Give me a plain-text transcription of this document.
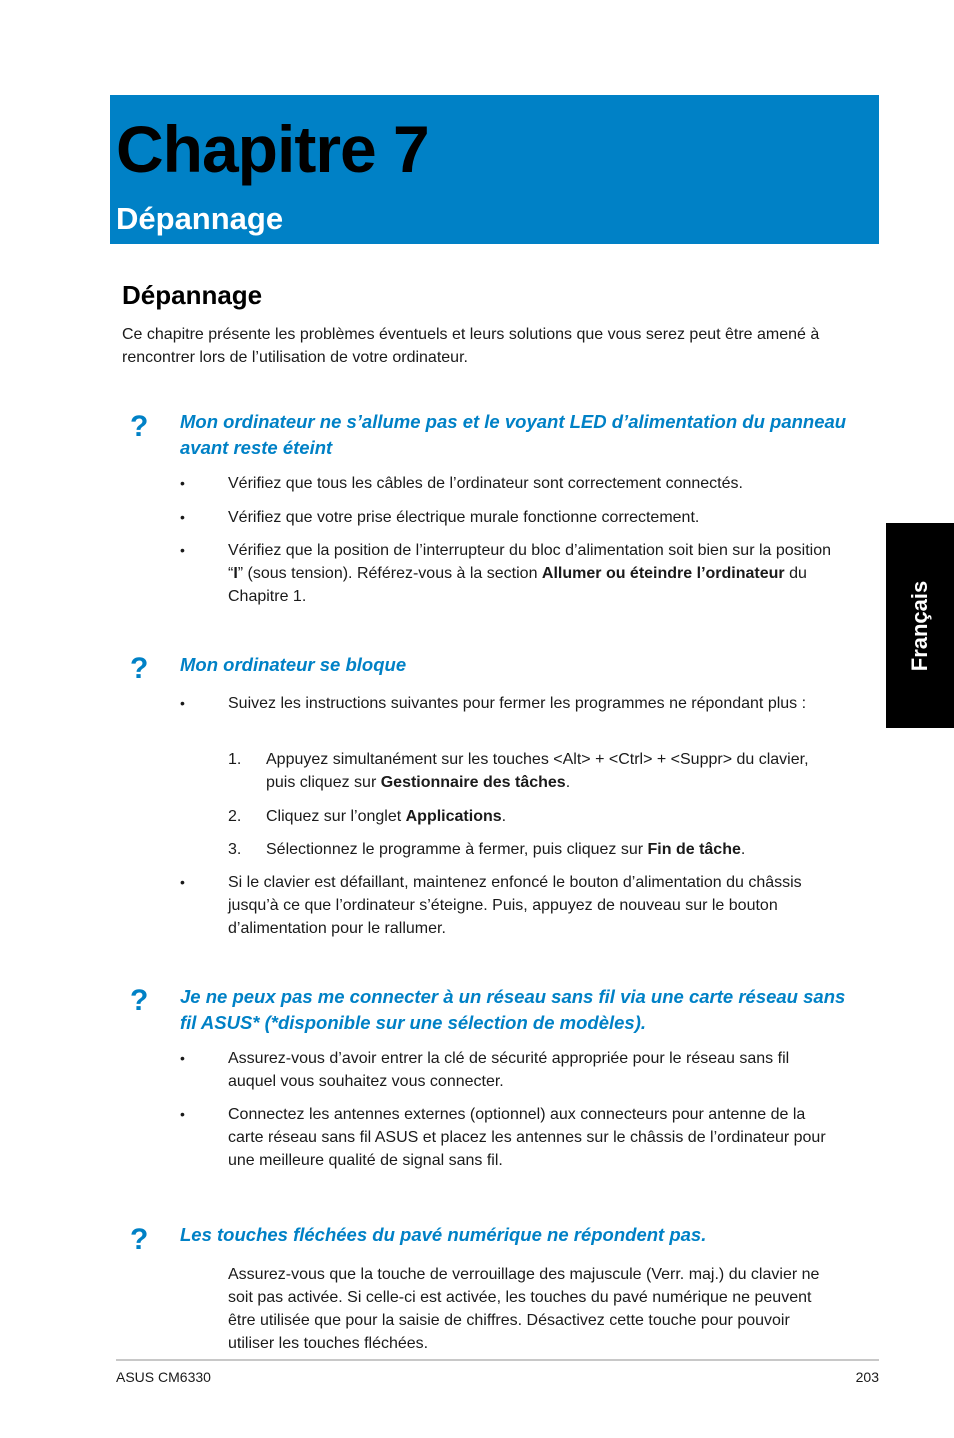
Chapitre 7
Dépannage
Dépannage

Ce chapitre présente les problèmes éventuels et leurs solutions que vous serez peut être amené à rencontrer lors de l’utilisation de votre ordinateur.

? Mon ordinateur ne s’allume pas et le voyant LED d’alimentation du panneau avant reste éteint

•	Vérifiez que tous les câbles de l’ordinateur sont correctement connectés.

•	Vérifiez que votre prise électrique murale fonctionne correctement.

•	Vérifiez que la position de l’interrupteur du bloc d’alimentation soit bien sur la position “I” (sous tension). Référez-vous à la section Allumer ou éteindre l’ordinateur du Chapitre 1.

? Mon ordinateur se bloque

•	Suivez les instructions suivantes pour fermer les programmes ne répondant plus :

1. Appuyez simultanément sur les touches <Alt> + <Ctrl> + <Suppr> du clavier, puis cliquez sur Gestionnaire des tâches.

2. Cliquez sur l’onglet Applications.

3. Sélectionnez le programme à fermer, puis cliquez sur Fin de tâche.

•	Si le clavier est défaillant, maintenez enfoncé le bouton d’alimentation du châssis jusqu’à ce que l’ordinateur s’éteigne. Puis, appuyez de nouveau sur le bouton d’alimentation pour le rallumer.

? Je ne peux pas me connecter à un réseau sans fil via une carte réseau sans fil ASUS* (*disponible sur une sélection de modèles).

•	Assurez-vous d’avoir entrer la clé de sécurité appropriée pour le réseau sans fil auquel vous souhaitez vous connecter.

•	Connectez les antennes externes (optionnel) aux connecteurs pour antenne de la carte réseau sans fil ASUS et placez les antennes sur le châssis de l’ordinateur pour une meilleure qualité de signal sans fil.

? Les touches fléchées du pavé numérique ne répondent pas.

Assurez-vous que la touche de verrouillage des majuscule (Verr. maj.) du clavier ne soit pas activée. Si celle-ci est activée, les touches du pavé numérique ne peuvent être utilisée que pour la saisie de chiffres. Désactivez cette touche pour pouvoir utiliser les touches fléchées.

Français
ASUS CM6330	203
